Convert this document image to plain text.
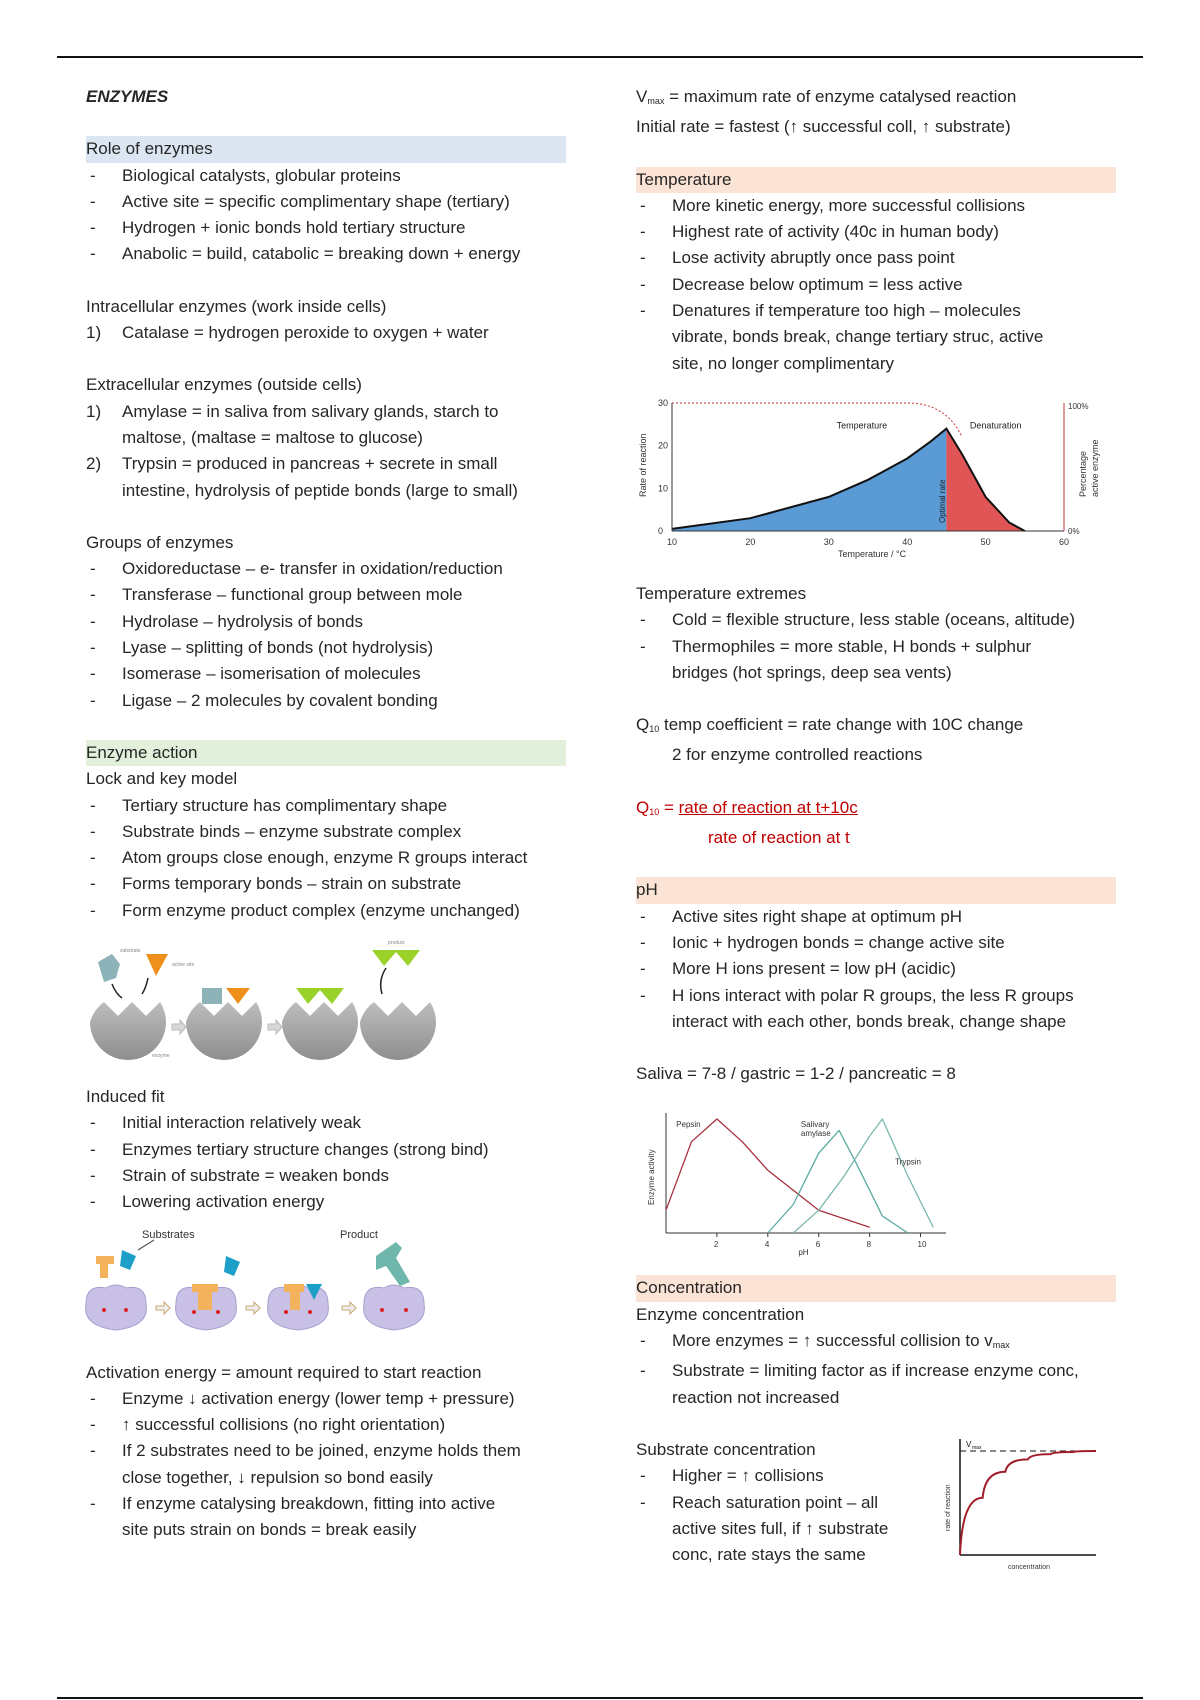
ENZYMES
Role of enzymes
- Biological catalysts, globular proteins
- Active site = specific complimentary shape (tertiary)
- Hydrogen + ionic bonds hold tertiary structure
- Anabolic = build, catabolic = breaking down + energy
Intracellular enzymes (work inside cells)
1) Catalase = hydrogen peroxide to oxygen + water
Extracellular enzymes (outside cells)
1) Amylase = in saliva from salivary glands, starch to
maltose, (maltase = maltose to glucose)
2) Trypsin = produced in pancreas + secrete in small
intestine, hydrolysis of peptide bonds (large to small)
Groups of enzymes
- Oxidoreductase – e- transfer in oxidation/reduction
- Transferase – functional group between mole
- Hydrolase – hydrolysis of bonds
- Lyase – splitting of bonds (not hydrolysis)
- Isomerase – isomerisation of molecules
- Ligase – 2 molecules by covalent bonding
Enzyme action
Lock and key model
- Tertiary structure has complimentary shape
- Substrate binds – enzyme substrate complex
- Atom groups close enough, enzyme R groups interact
- Forms temporary bonds – strain on substrate
- Form enzyme product complex (enzyme unchanged)
substrate
active site
enzyme
product
Induced fit
- Initial interaction relatively weak
- Enzymes tertiary structure changes (strong bind)
- Strain of substrate = weaken bonds
- Lowering activation energy
Substrates	Product
Activation energy = amount required to start reaction
- Enzyme ↓ activation energy (lower temp + pressure)
- ↑ successful collisions (no right orientation)
- If 2 substrates need to be joined, enzyme holds them
close together, ↓ repulsion so bond easily
- If enzyme catalysing breakdown, fitting into active
site puts strain on bonds = break easily
$V_{max}$ = maximum rate of enzyme catalysed reaction
Initial rate = fastest (↑ successful coll, ↑ substrate)
Temperature
- More kinetic energy, more successful collisions
- Highest rate of activity (40c in human body)
- Lose activity abruptly once pass point
- Decrease below optimum = less active
- Denatures if temperature too high – molecules
vibrate, bonds break, change tertiary struc, active
site, no longer complimentary
10	20	30	40	50	60
0
10
20
30	100%
0%
Temperature / °C
Rate of reaction	Percentage active enzyme
Temperature	Denaturation
Optimal rate
Temperature extremes
- Cold = flexible structure, less stable (oceans, altitude)
- Thermophiles = more stable, H bonds + sulphur
bridges (hot springs, deep sea vents)
$Q_{10}$ temp coefficient = rate change with 10C change
2 for enzyme controlled reactions
$Q_{10}$ = rate of reaction at t+10c
rate of reaction at t
pH
- Active sites right shape at optimum pH
- Ionic + hydrogen bonds = change active site
- More H ions present = low pH (acidic)
- H ions interact with polar R groups, the less R groups
interact with each other, bonds break, change shape
Saliva = 7-8 / gastric = 1-2 / pancreatic = 8
Pepsin	Salivary
amylase
Trypsin
2	4	6	8	10
pH
Enzyme activity
Concentration
Enzyme concentration
- More enzymes = ↑ successful collision to $v_{max}$
- Substrate = limiting factor as if increase enzyme conc,
reaction not increased
Substrate concentration
- Higher = ↑ collisions
- Reach saturation point – all
active sites full, if ↑ substrate
conc, rate stays the same
V max
concentration
rate of reaction
